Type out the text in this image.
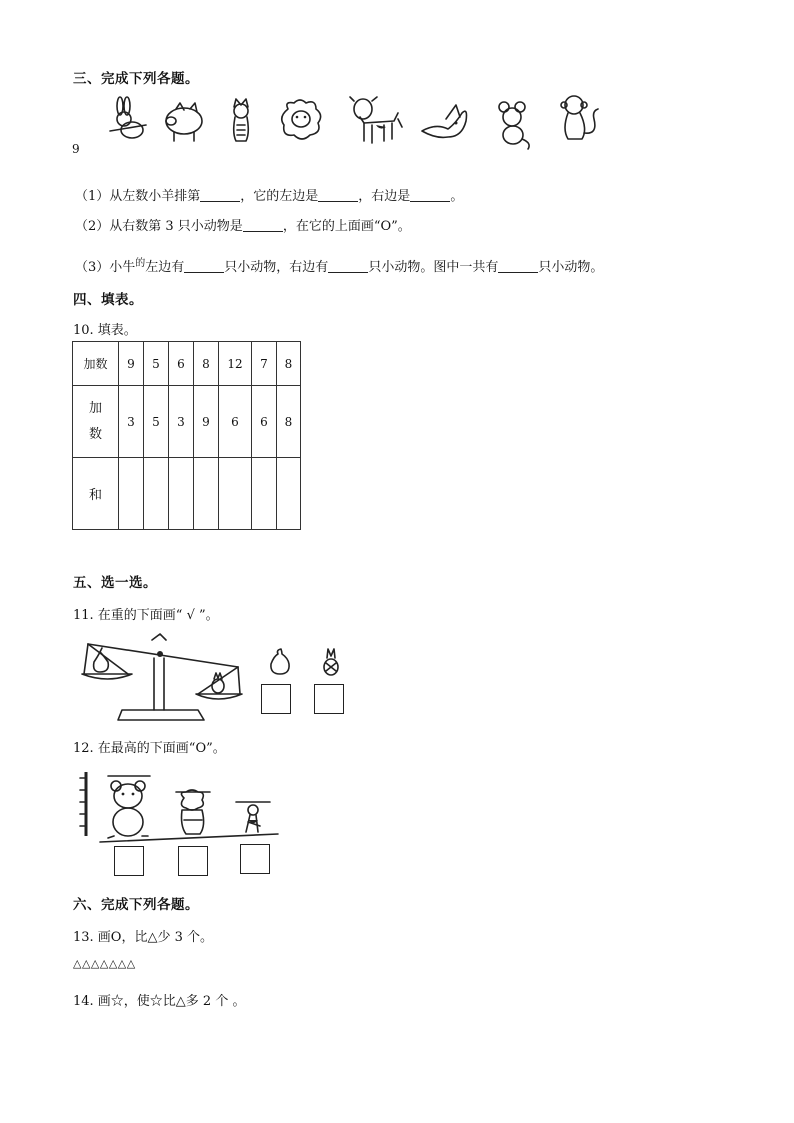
三、完成下列各题。
9
（1）从左数小羊排第	，它的左边是	，右边是	。
（2）从右数第 3 只小动物是	，在它的上面画“O”。
（3）小牛$^的$左边有	只小动物，右边有	只小动物。图中一共有	只小动物。
四、填表。
10. 填表。
加数	9	5	6	8	12	7	8

加
数	3	5	3	9	6	6	8
和							
五、选一选。
11. 在重的下面画“ √ ”。
12. 在最高的下面画“O”。
六、完成下列各题。
13. 画O，比△少 3 个。
△△△△△△△
14. 画☆，使☆比△多 2 个 。
